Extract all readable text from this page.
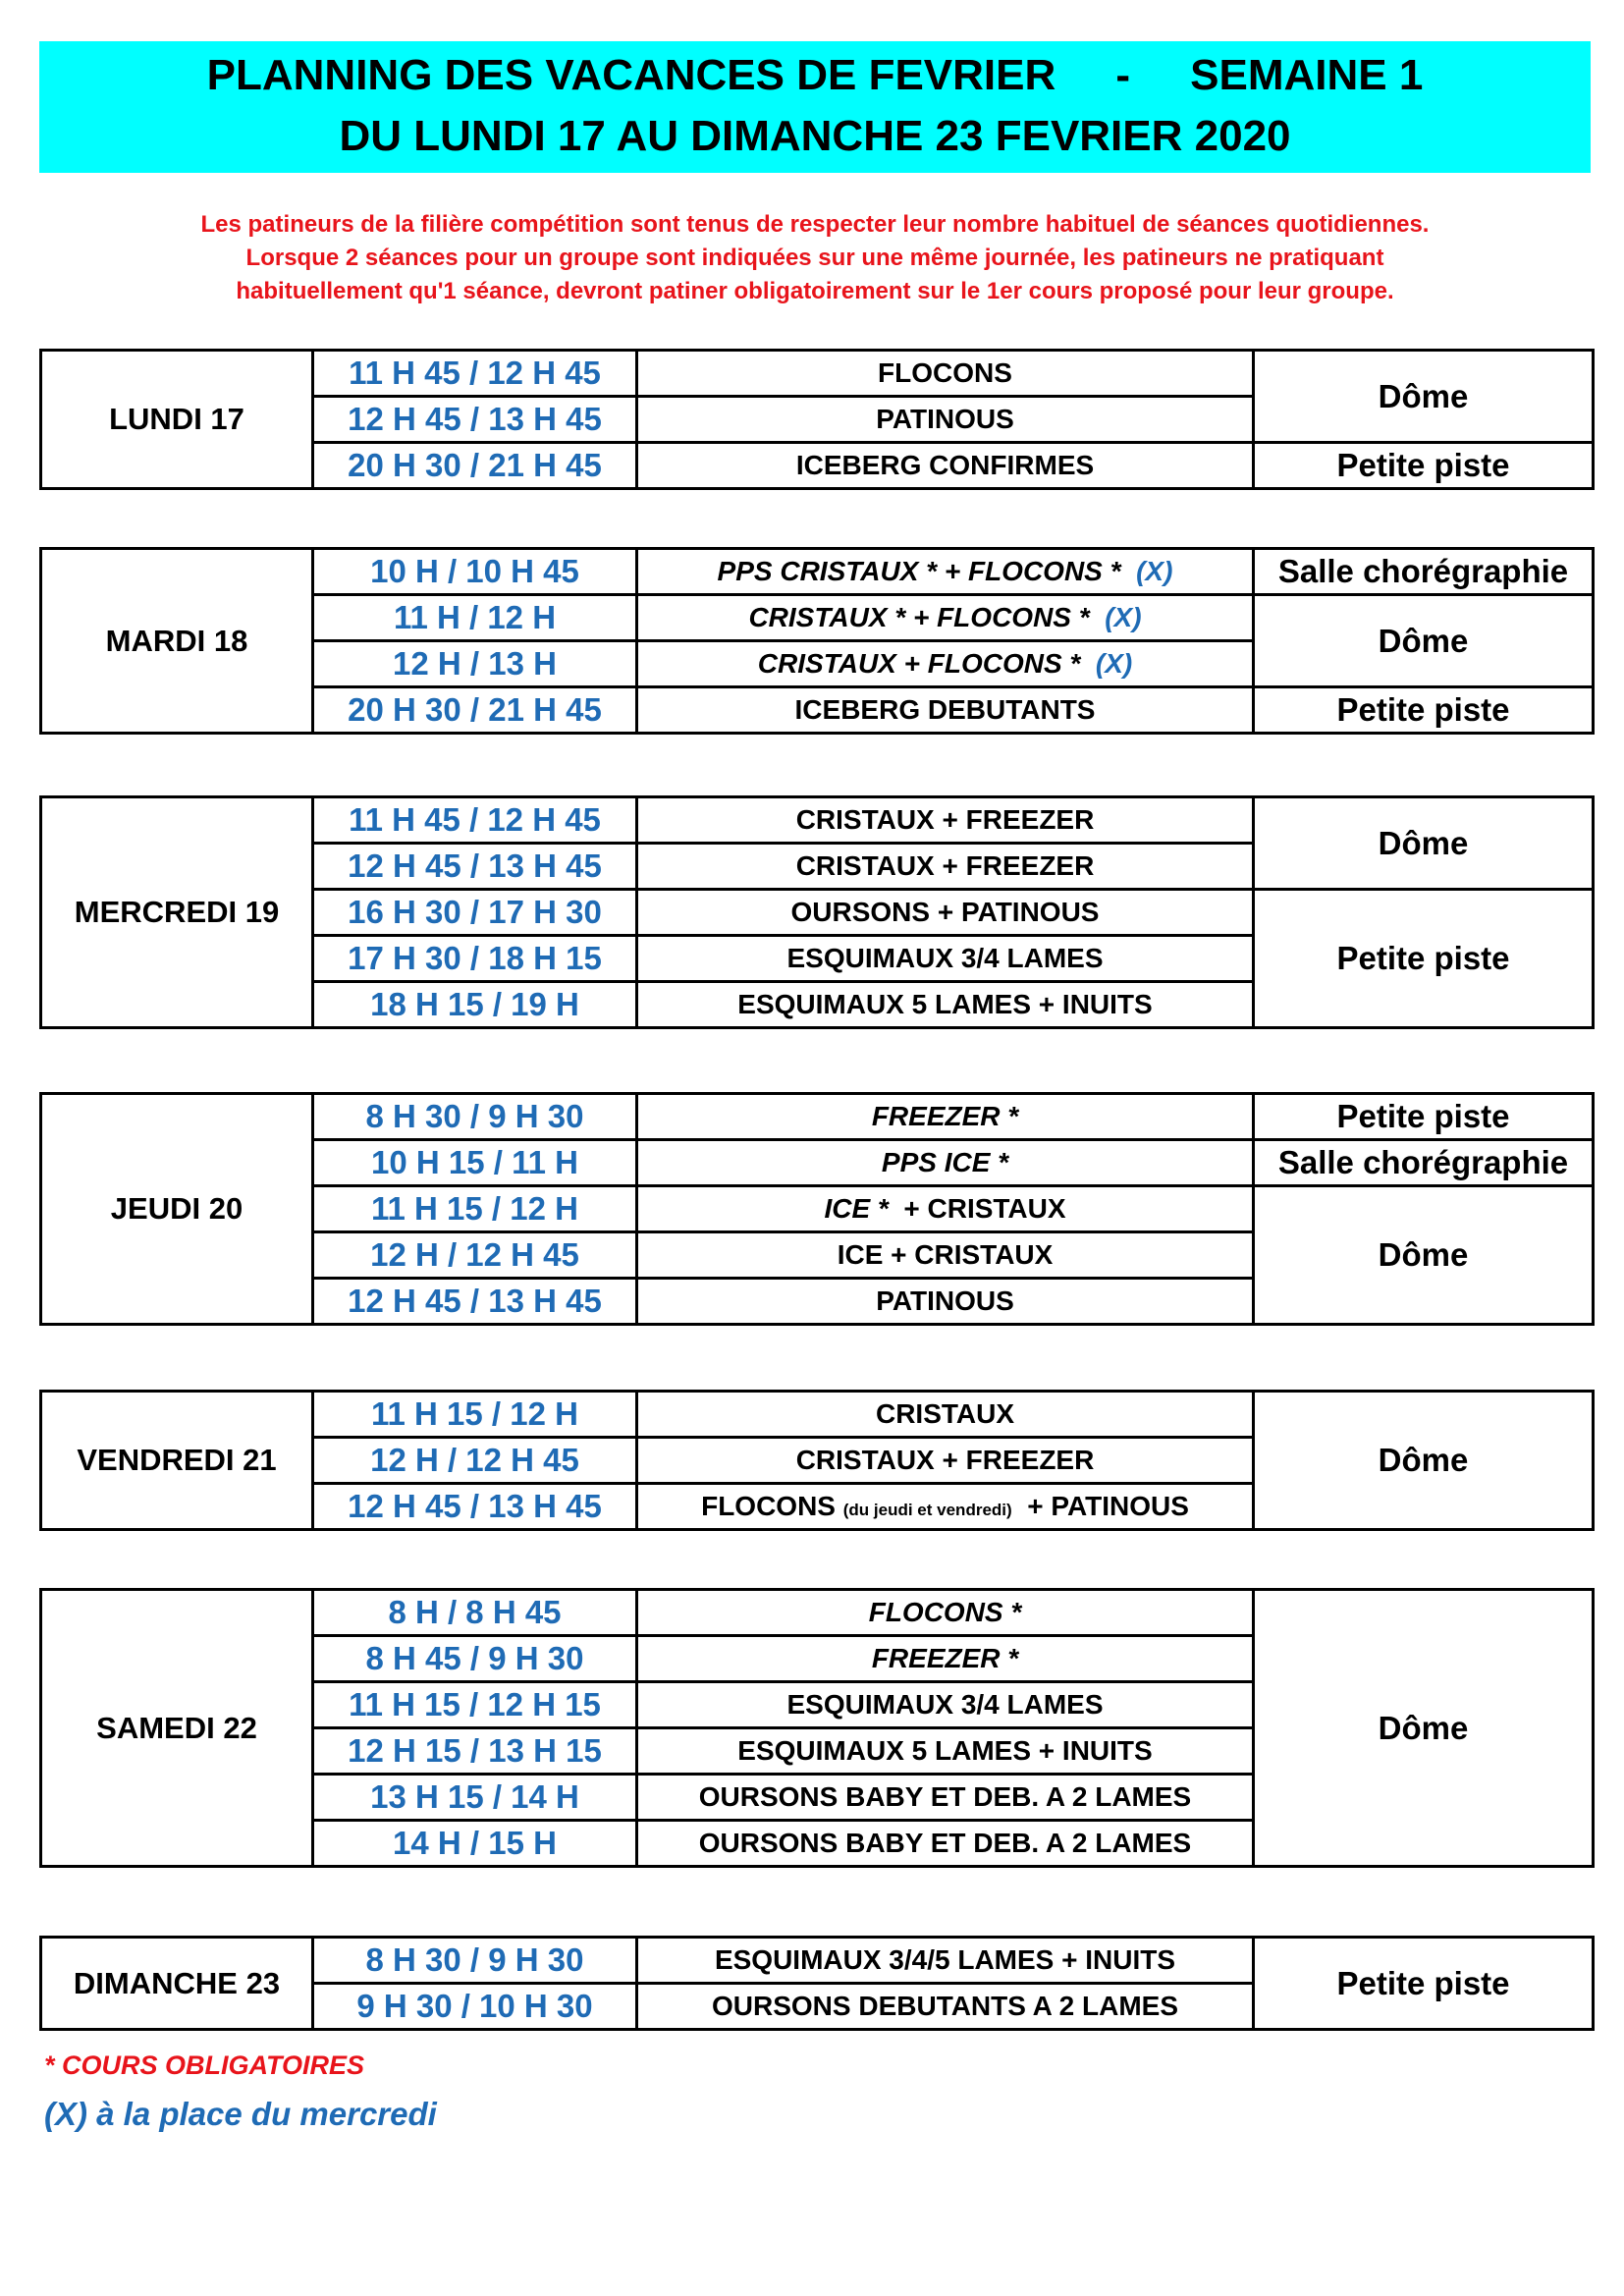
PLANNING DES VACANCES DE FEVRIER     -     SEMAINE 1
DU LUNDI 17 AU DIMANCHE 23 FEVRIER 2020
Les patineurs de la filière compétition sont tenus de respecter leur nombre habituel de séances quotidiennes.
Lorsque 2 séances pour un groupe sont indiquées sur une même journée, les patineurs ne pratiquant
habituellement qu'1 séance, devront patiner obligatoirement sur le 1er cours proposé pour leur groupe.
LUNDI 17	11 H 45 / 12 H 45	FLOCONS	Dôme
	12 H 45 / 13 H 45	PATINOUS	
	20 H 30 / 21 H 45	ICEBERG CONFIRMES	Petite piste
MARDI 18	10 H / 10 H 45	PPS CRISTAUX * + FLOCONS * (X)	Salle chorégraphie
	11 H / 12 H	CRISTAUX * + FLOCONS * (X)	Dôme
	12 H / 13 H	CRISTAUX + FLOCONS * (X)	
	20 H 30 / 21 H 45	ICEBERG DEBUTANTS	Petite piste
MERCREDI 19	11 H 45 / 12 H 45	CRISTAUX + FREEZER	Dôme
	12 H 45 / 13 H 45	CRISTAUX + FREEZER	
	16 H 30 / 17 H 30	OURSONS + PATINOUS	Petite piste
	17 H 30 / 18 H 15	ESQUIMAUX 3/4 LAMES	
	18 H 15 / 19 H	ESQUIMAUX 5 LAMES + INUITS	
JEUDI 20	8 H 30 / 9 H 30	FREEZER *	Petite piste
	10 H 15 / 11 H	PPS ICE *	Salle chorégraphie
	11 H 15 / 12 H	ICE * + CRISTAUX	Dôme
	12 H / 12 H 45	ICE + CRISTAUX	
	12 H 45 / 13 H 45	PATINOUS	
VENDREDI 21	11 H 15 / 12 H	CRISTAUX	Dôme
	12 H / 12 H 45	CRISTAUX + FREEZER	
	12 H 45 / 13 H 45	FLOCONS (du jeudi et vendredi) + PATINOUS	
SAMEDI 22	8 H / 8 H 45	FLOCONS *	Dôme
	8 H 45 / 9 H 30	FREEZER *	
	11 H 15 / 12 H 15	ESQUIMAUX 3/4 LAMES	
	12 H 15 / 13 H 15	ESQUIMAUX 5 LAMES + INUITS	
	13 H 15 / 14 H	OURSONS BABY ET DEB. A 2 LAMES	
	14 H / 15 H	OURSONS BABY ET DEB. A 2 LAMES	
DIMANCHE 23	8 H 30 / 9 H 30	ESQUIMAUX 3/4/5 LAMES + INUITS	Petite piste
	9 H 30 / 10 H 30	OURSONS DEBUTANTS A 2 LAMES	
* COURS OBLIGATOIRES
(X) à la place du mercredi
